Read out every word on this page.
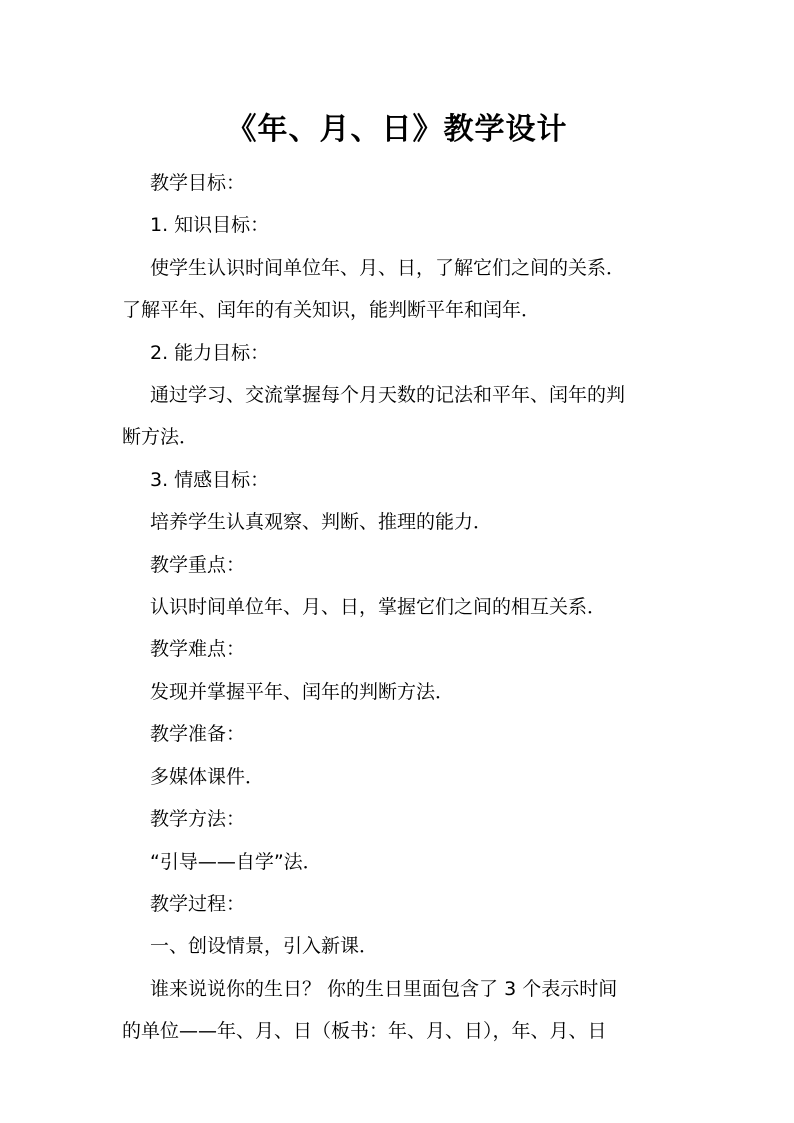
《年、月、日》教学设计

教学目标：

1. 知识目标：

使学生认识时间单位年、月、日，了解它们之间的关系．

了解平年、闰年的有关知识，能判断平年和闰年．

2. 能力目标：

通过学习、交流掌握每个月天数的记法和平年、闰年的判

断方法．

3. 情感目标：

培养学生认真观察、判断、推理的能力．

教学重点：

认识时间单位年、月、日，掌握它们之间的相互关系．

教学难点：

发现并掌握平年、闰年的判断方法．

教学准备：

多媒体课件．

教学方法：

“引导——自学”法．

教学过程：

一、创设情景，引入新课．

谁来说说你的生日？ 你的生日里面包含了 3 个表示时间

的单位——年、月、日（板书：年、月、日），年、月、日
